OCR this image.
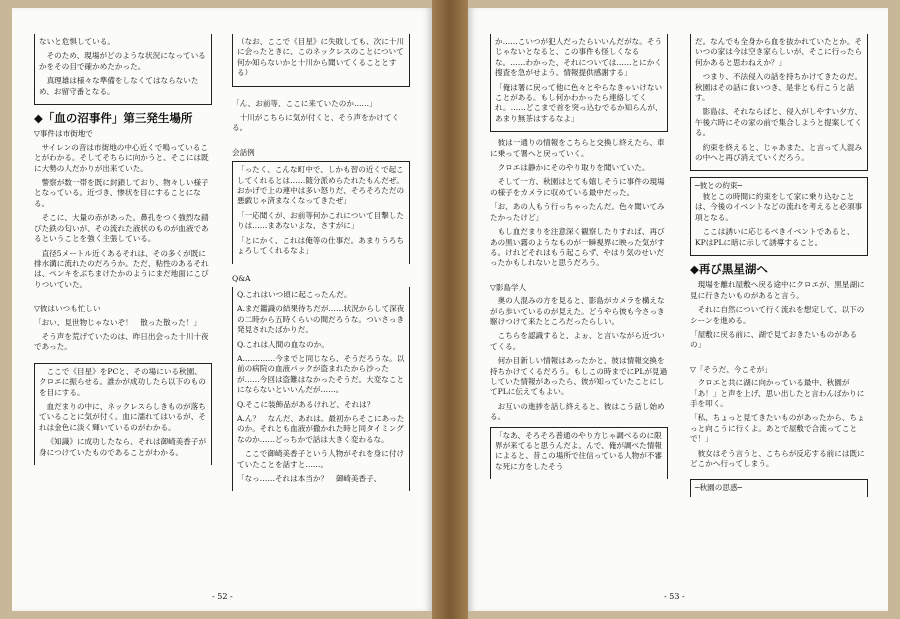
ないと危惧している。

そのため、現場がどのような状況になっているかをその目で確かめたかった。

真理雄は様々な準備をしなくてはならないため、お留守番となる。

◆「血の沼事件」第三発生場所
▽事件は市街地で

サイレンの音は市街地の中心近くで鳴っていることがわかる。そしてそちらに向かうと、そこには既に大勢の人だかりが出来ていた。

警察が数一帯を既に封鎖しており、物々しい様子となっている。近づき、惨状を目にすることになる。

そこに、大量の赤があった。鼻孔をつく強烈な錆びた鉄の匂いが、その流れた液状のものが血液であるということを強く主張している。

直径5メートル近くあるそれは、その多くが既に排水溝に流れたのだろうか。ただ、粘性のあるそれは、ペンキをぶちまけたかのようにまだ地面にこびりついていた。

▽彼はいつも忙しい

「おい、見世物じゃないぞ！　散った散った！」

そう声を荒げていたのは、昨日出会った十川十夜であった。

ここで《目星》をPCと、その場にいる秋園、クロエに振らせる。誰かが成功したら以下のものを目にする。

血だまりの中に、ネックレスらしきものが落ちていることに気が付く。血に濡れてはいるが、それは金色に淡く輝いているのがわかる。

《知識》に成功したなら、それは御崎美香子が身につけていたものであることがわかる。

（なお、ここで《目星》に失敗しても、次に十川に会ったときに、このネックレスのことについて何か知らないかと十川から聞いてくることとする）

「ん、お前等、ここに来ていたのか……」

十川がこちらに気が付くと、そう声をかけてくる。

会話例

「ったく、こんな町中で、しかも習の近くで起こしてくれるとは……随分派めらたれたもんだぜ。おかげで上の連中は多い怒りだ、そろそろただの悪戯じゃ済まなくなってきたぜ」

「一応聞くが、お前等何かこれについて目撃したりは……まあないよな、さすがに」

「とにかく、これは俺等の仕事だ。あまりうろちょろしてくれるなよ」

Q&A

Q.これはいつ頃に起こったんだ。

A.まだ鑑識の結果待ちだが……状況からして深夜の二時から五時くらいの間だろうな。ついさっき発見されたばかりだ。

Q.これは人間の血なのか。

A.…………今までと同じなら、そうだろうな。以前の病院の血液パックが盗まれたから沙ったが……今回は盗難はなかったそうだ。大変なことにならないといいんだが……。

Q.そこに装飾品があるけれど、それは？

A.ん？　なんだ、あれは。最初からそこにあったのか。それとも血液が撒かれた時と同タイミングなのか……どっちかで話は大きく変わるな。

ここで御崎美香子という人物がそれを身に付けていたことを話すと……。

「なっ……それは本当か？　御崎美香子、

- 52 -

か……こいつが犯人だったらいいんだがな。そうじゃないとなると、この事件も怪しくなるな。……わかった、それについては……とにかく搜査を急がせよう。情報提供感謝する」

「俺は署に戻って他に色々とやらなきゃいけないことがある。もし何かわかったら連絡してくれ。……どこまで首を突っ込むでるか知らんが、あまり無茶はするなよ」

彼は一通りの情報をこちらと交換し終えたら、車に乗って署へと戻っていく。

クロエは静かにそのやり取りを聞いていた。

そして一方、秋園はとても嬉しそうに事件の現場の様子をカメラに収めている最中だった。

「お、あの人もう行っちゃったんだ。色々聞いてみたかったけど」

もし血だまりを注意深く観察したりすれば、再びあの黒い霧のようなものが一瞬視界に映った気がする。けれどそれはもう起こらず、やはり気のせいだったかもしれないと思うだろう。

▽影島学人

奥の人混みの方を見ると、影島がカメラを構えながら歩いているのが見えた。どうやら彼も今さっき駆けつけて来たところだったらしい。

こちらを認識すると、よぉ、と言いながら近づいてくる。

何か目新しい情報はあったかと、彼は情報交換を持ちかけてくるだろう。もしこの時までにPLが見過していた情報があったら、彼が知っていたことにしてPLに伝えてもよい。

お互いの進捗を話し終えると、彼はこう話し始める。

「なあ、そろそろ普通のやり方じゃ調べるのに限界が来てると思うんだよ。んで、俺が調べた情報によると、昔この場所で住信っている人物が不審な死に方をしたそう

だ。なんでも全身から血を抜かれていたとか。そいつの家は今は空き家らしいが、そこに行ったら何かあると思わねえか？」

つまり、不法侵入の話を持ちかけてきたのだ。秋園はその話に食いつき、是非とも行こうと話す。

影島は、それならばと、侵入がしやすい夕方、午後六時にその家の前で集合しようと提案してくる。

約束を終えると、じゃあまた、と言って人混みの中へと再び消えていくだろう。

─彼との約束─

彼とこの時間に約束をして家に乗り込むことは、今後のイベントなどの流れを考えると必須事項となる。

ここは誘いに応じるべきイベントであると、KPはPLに暗に示して誘導すること。

◆再び黒星湖へ

現場を離れ屋敷へ戻る途中にクロエが、黒星湖に見に行きたいものがあると言う。

それに自然について行く流れを想定して、以下のシーンを進める。

「屋敷に戻る前に、湖で見ておきたいものがあるの」

▽「そうだ、今こそが」

クロエと共に湖に向かっている最中、秋園が「あ！」と声を上げ、思い出したと言わんばかりに手を叩く。

「私、ちょっと見てきたいものがあったから、ちょっと向こうに行くよ。あとで屋敷で合流ってことで！」

彼女はそう言うと、こちらが反応する前には既にどこかへ行ってしまう。

─秋園の思惑─
- 53 -
